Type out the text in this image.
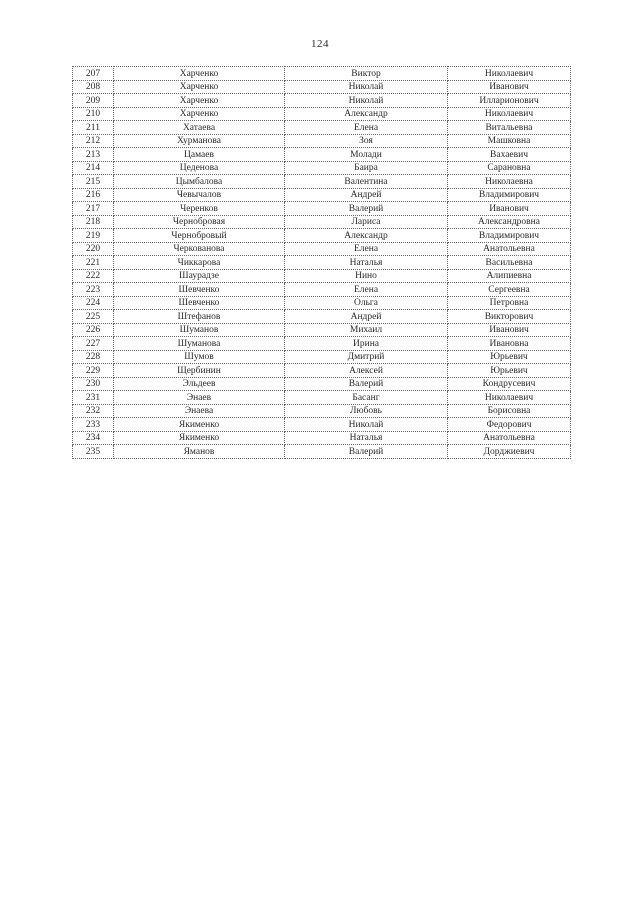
124
207	Харченко	Виктор	Николаевич
208	Харченко	Николай	Иванович
209	Харченко	Николай	Илларионович
210	Харченко	Александр	Николаевич
211	Хатаева	Елена	Витальевна
212	Хурманова	Зоя	Машковна
213	Цамаев	Молади	Вахаевич
214	Цеденова	Баира	Сарановна
215	Цымбалова	Валентина	Николаевна
216	Чевычалов	Андрей	Владимирович
217	Черенков	Валерий	Иванович
218	Чернобровая	Лариса	Александровна
219	Чернобровый	Александр	Владимирович
220	Черкованова	Елена	Анатольевна
221	Чиккарова	Наталья	Васильевна
222	Шаурадзе	Нино	Алипиевна
223	Шевченко	Елена	Сергеевна
224	Шевченко	Ольга	Петровна
225	Штефанов	Андрей	Викторович
226	Шуманов	Михаил	Иванович
227	Шуманова	Ирина	Ивановна
228	Шумов	Дмитрий	Юрьевич
229	Щербинин	Алексей	Юрьевич
230	Эльдеев	Валерий	Кондрусевич
231	Энаев	Басанг	Николаевич
232	Энаева	Любовь	Борисовна
233	Якименко	Николай	Федорович
234	Якименко	Наталья	Анатольевна
235	Яманов	Валерий	Дорджиевич
